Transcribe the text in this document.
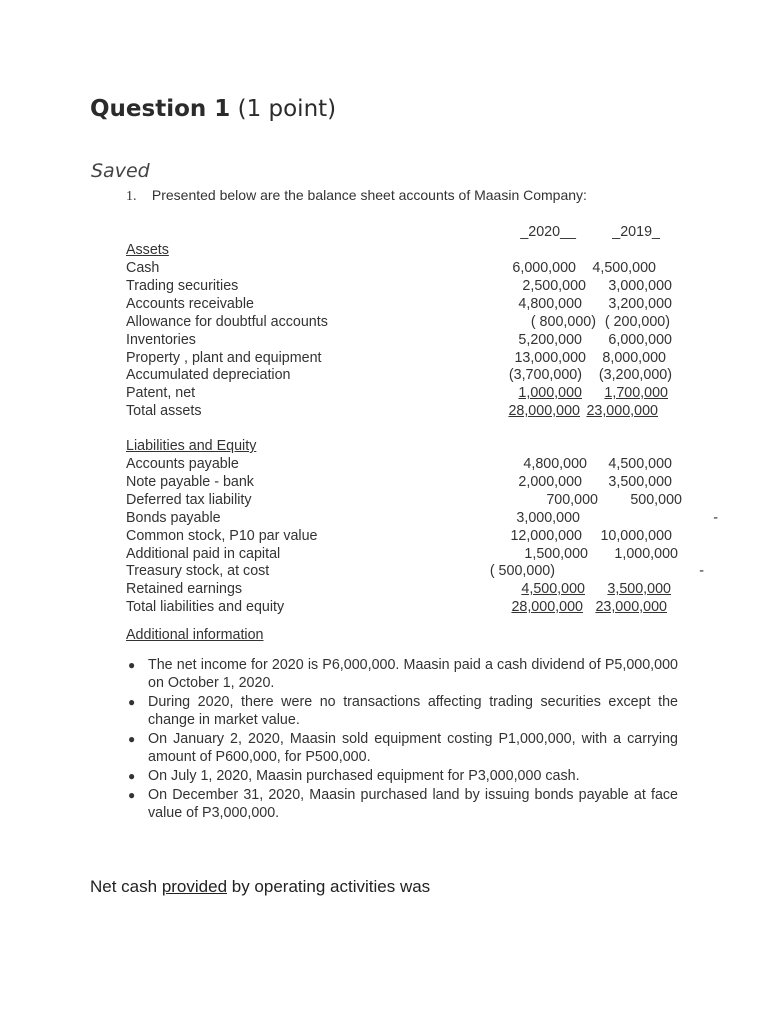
Question 1 (1 point)
Saved
1. Presented below are the balance sheet accounts of Maasin Company:
_2020__	_2019_
Assets
Cash	6,000,000	4,500,000
Trading securities	2,500,000	3,000,000
Accounts receivable	4,800,000	3,200,000
Allowance for doubtful accounts	( 800,000) ( 200,000)
Inventories	5,200,000	6,000,000
Property , plant and equipment	13,000,000	8,000,000
Accumulated depreciation	(3,700,000)	(3,200,000)
Patent, net	1,000,000	1,700,000
Total assets	28,000,000 23,000,000
Liabilities and Equity
Accounts payable	4,800,000	4,500,000
Note payable - bank	2,000,000	3,500,000
Deferred tax liability	700,000	500,000
Bonds payable	3,000,000	-
Common stock, P10 par value	12,000,000	10,000,000
Additional paid in capital	1,500,000	1,000,000
Treasury stock, at cost	( 500,000)	-
Retained earnings	4,500,000	3,500,000
Total liabilities and equity	28,000,000 23,000,000
Additional information
● The net income for 2020 is P6,000,000. Maasin paid a cash dividend of P5,000,000 on October 1, 2020.
● During 2020, there were no transactions affecting trading securities except the change in market value.
● On January 2, 2020, Maasin sold equipment costing P1,000,000, with a carrying amount of P600,000, for P500,000.
● On July 1, 2020, Maasin purchased equipment for P3,000,000 cash.
● On December 31, 2020, Maasin purchased land by issuing bonds payable at face value of P3,000,000.
Net cash provided by operating activities was
